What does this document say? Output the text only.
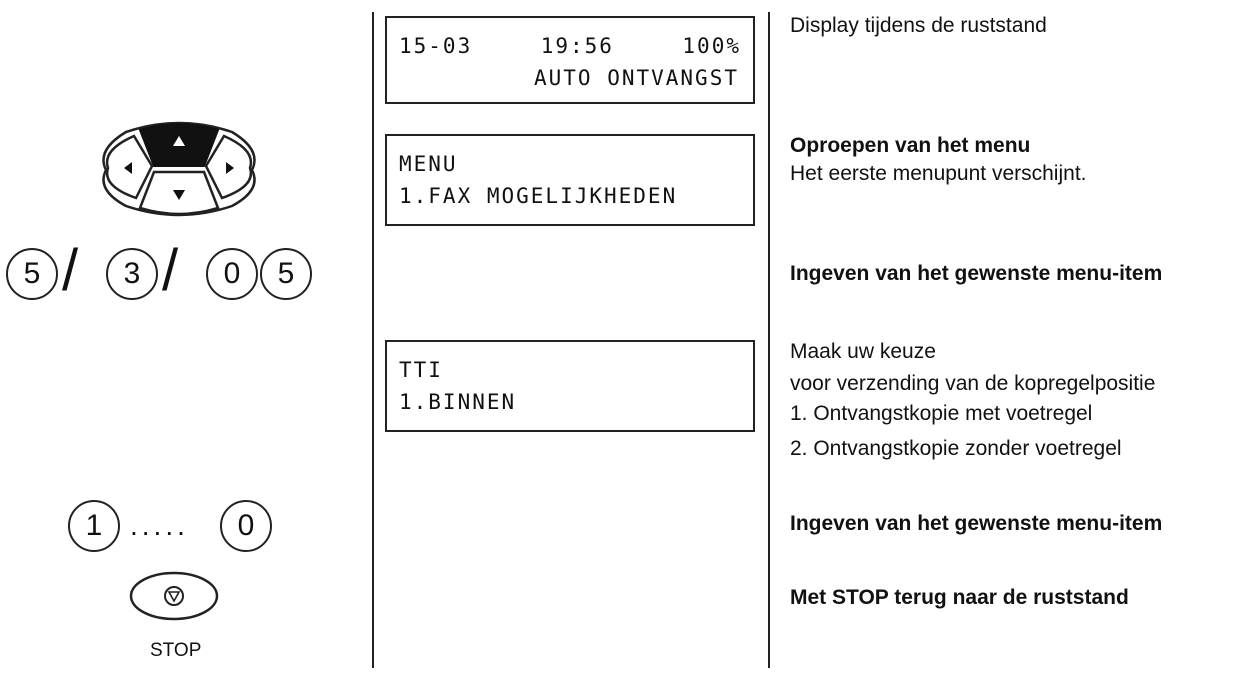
5 /	3 /	0	5
1 .....	0
STOP
15-03	19:56	100%
AUTO ONTVANGST
MENU
1.FAX MOGELIJKHEDEN
TTI
1.BINNEN
Display tijdens de ruststand
Oproepen van het menu
Het eerste menupunt verschijnt.
Ingeven van het gewenste menu-item
Maak uw keuze
voor verzending van de kopregelpositie
1. Ontvangstkopie met voetregel
2. Ontvangstkopie zonder voetregel
Ingeven van het gewenste menu-item
Met STOP terug naar de ruststand
